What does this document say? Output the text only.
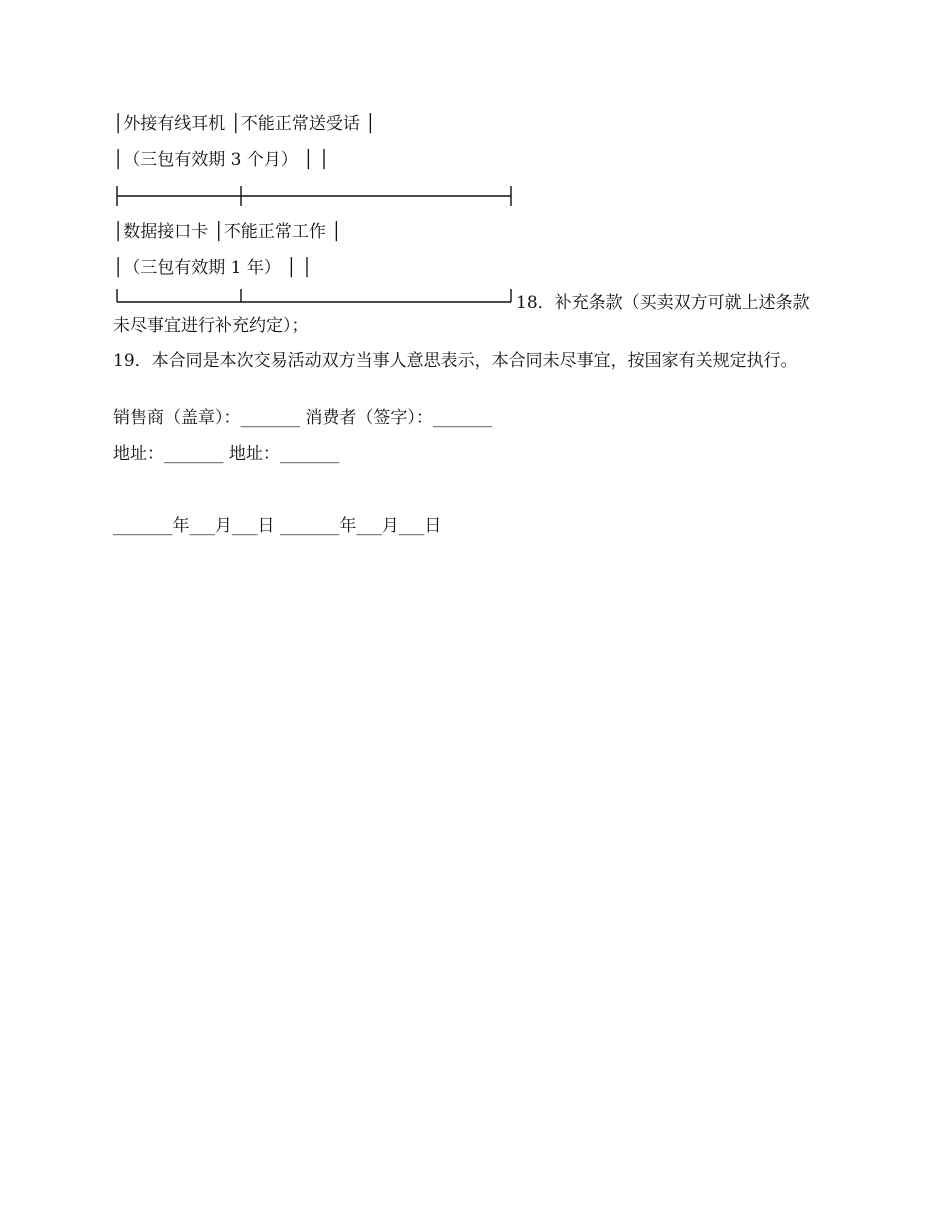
│外接有线耳机 │不能正常送受话 │
│（三包有效期 3 个月） │ │
│数据接口卡 │不能正常工作 │
│（三包有效期 1 年） │ │
18．补充条款（买卖双方可就上述条款
未尽事宜进行补充约定）；
19．本合同是本次交易活动双方当事人意思表示，本合同未尽事宜，按国家有关规定执行。
销售商（盖章）：_______ 消费者（签字）：_______
地址：_______ 地址：_______
_______年___月___日 _______年___月___日
